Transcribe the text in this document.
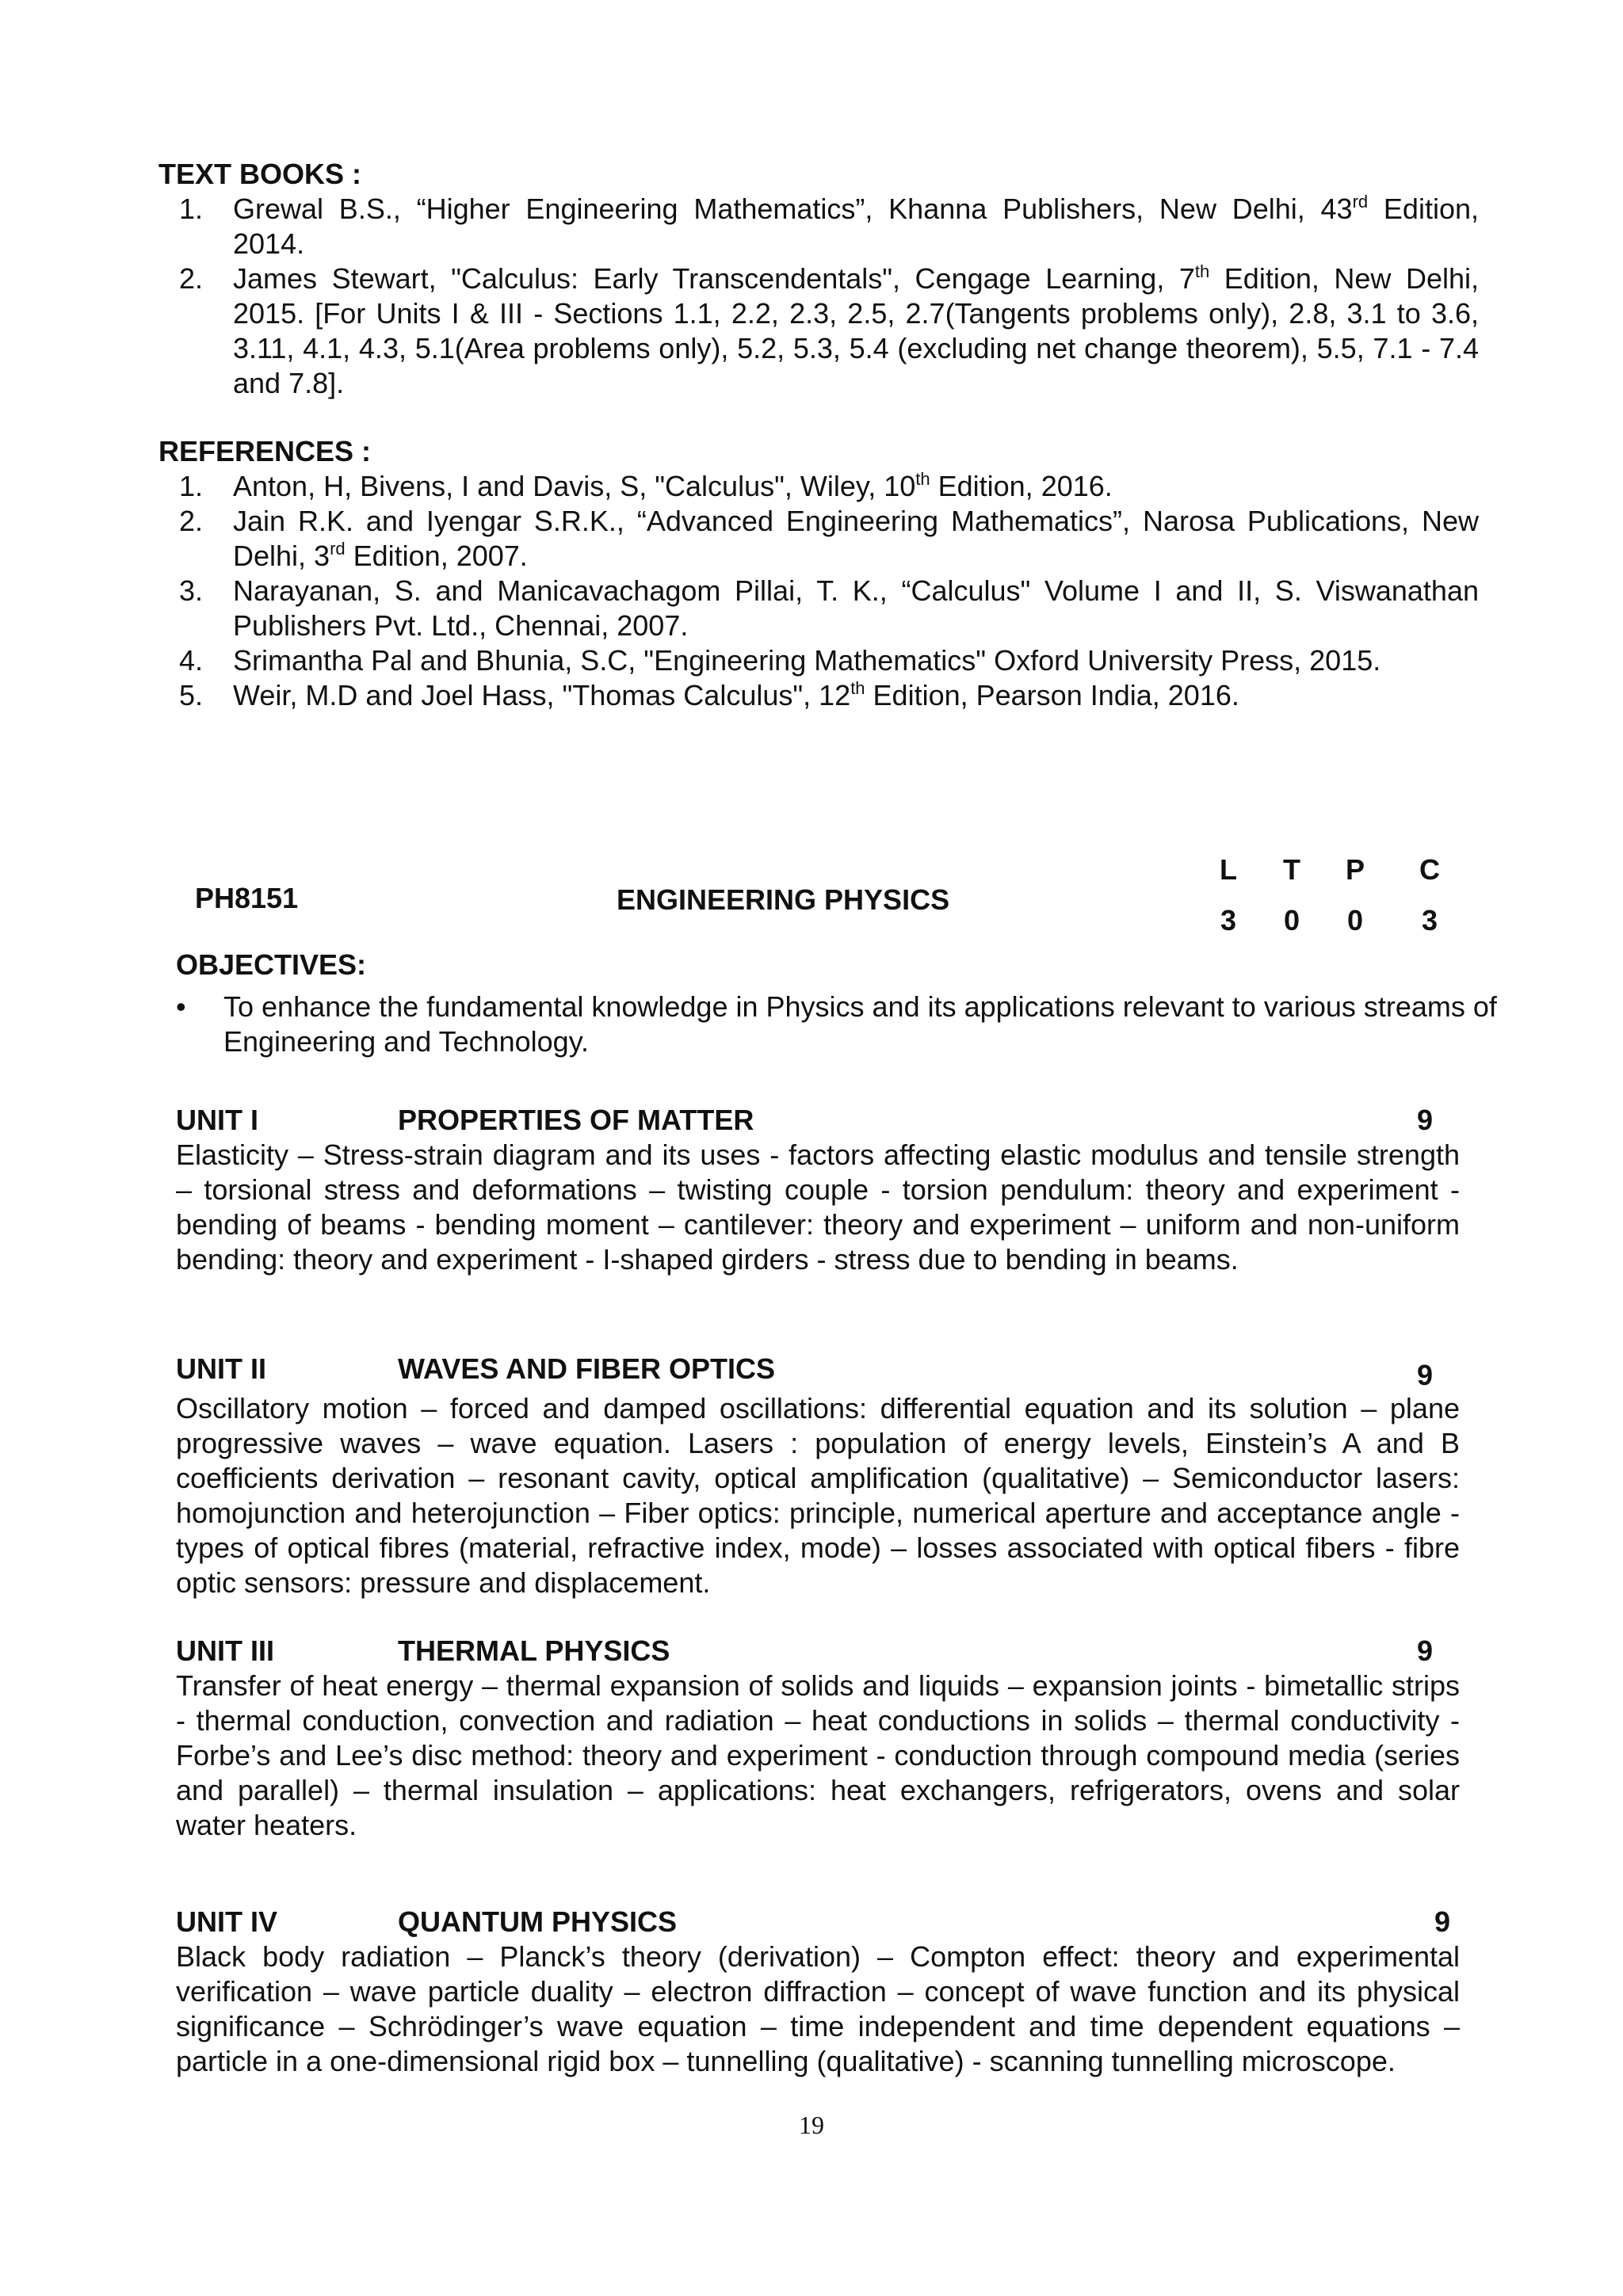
TEXT BOOKS :
1. Grewal B.S., “Higher Engineering Mathematics”, Khanna Publishers, New Delhi, 43rd Edition, 2014.
2. James Stewart, "Calculus: Early Transcendentals", Cengage Learning, 7th Edition, New Delhi, 2015. [For Units I & III - Sections 1.1, 2.2, 2.3, 2.5, 2.7(Tangents problems only), 2.8, 3.1 to 3.6, 3.11, 4.1, 4.3, 5.1(Area problems only), 5.2, 5.3, 5.4 (excluding net change theorem), 5.5, 7.1 - 7.4 and 7.8].
REFERENCES :
1. Anton, H, Bivens, I and Davis, S, "Calculus", Wiley, 10th Edition, 2016.
2. Jain R.K. and Iyengar S.R.K., “Advanced Engineering Mathematics”, Narosa Publications, New Delhi, 3rd Edition, 2007.
3. Narayanan, S. and Manicavachagom Pillai, T. K., “Calculus" Volume I and II, S. Viswanathan Publishers Pvt. Ltd., Chennai, 2007.
4. Srimantha Pal and Bhunia, S.C, "Engineering Mathematics" Oxford University Press, 2015.
5. Weir, M.D and Joel Hass, "Thomas Calculus", 12th Edition, Pearson India, 2016.
PH8151	ENGINEERING PHYSICS
L T P C
3 0 0 3
OBJECTIVES:
• To enhance the fundamental knowledge in Physics and its applications relevant to various streams of Engineering and Technology.
UNIT I	PROPERTIES OF MATTER	9

Elasticity – Stress-strain diagram and its uses - factors affecting elastic modulus and tensile strength – torsional stress and deformations – twisting couple - torsion pendulum: theory and experiment - bending of beams - bending moment – cantilever: theory and experiment – uniform and non-uniform bending: theory and experiment - I-shaped girders - stress due to bending in beams.

UNIT II	WAVES AND FIBER OPTICS	9

Oscillatory motion – forced and damped oscillations: differential equation and its solution – plane progressive waves – wave equation. Lasers : population of energy levels, Einstein’s A and B coefficients derivation – resonant cavity, optical amplification (qualitative) – Semiconductor lasers: homojunction and heterojunction – Fiber optics: principle, numerical aperture and acceptance angle - types of optical fibres (material, refractive index, mode) – losses associated with optical fibers - fibre optic sensors: pressure and displacement.

UNIT III	THERMAL PHYSICS	9

Transfer of heat energy – thermal expansion of solids and liquids – expansion joints - bimetallic strips - thermal conduction, convection and radiation – heat conductions in solids – thermal conductivity - Forbe’s and Lee’s disc method: theory and experiment - conduction through compound media (series and parallel) – thermal insulation – applications: heat exchangers, refrigerators, ovens and solar water heaters.

UNIT IV	QUANTUM PHYSICS	9

Black body radiation – Planck’s theory (derivation) – Compton effect: theory and experimental verification – wave particle duality – electron diffraction – concept of wave function and its physical significance – Schrödinger’s wave equation – time independent and time dependent equations – particle in a one-dimensional rigid box – tunnelling (qualitative) - scanning tunnelling microscope.

19
